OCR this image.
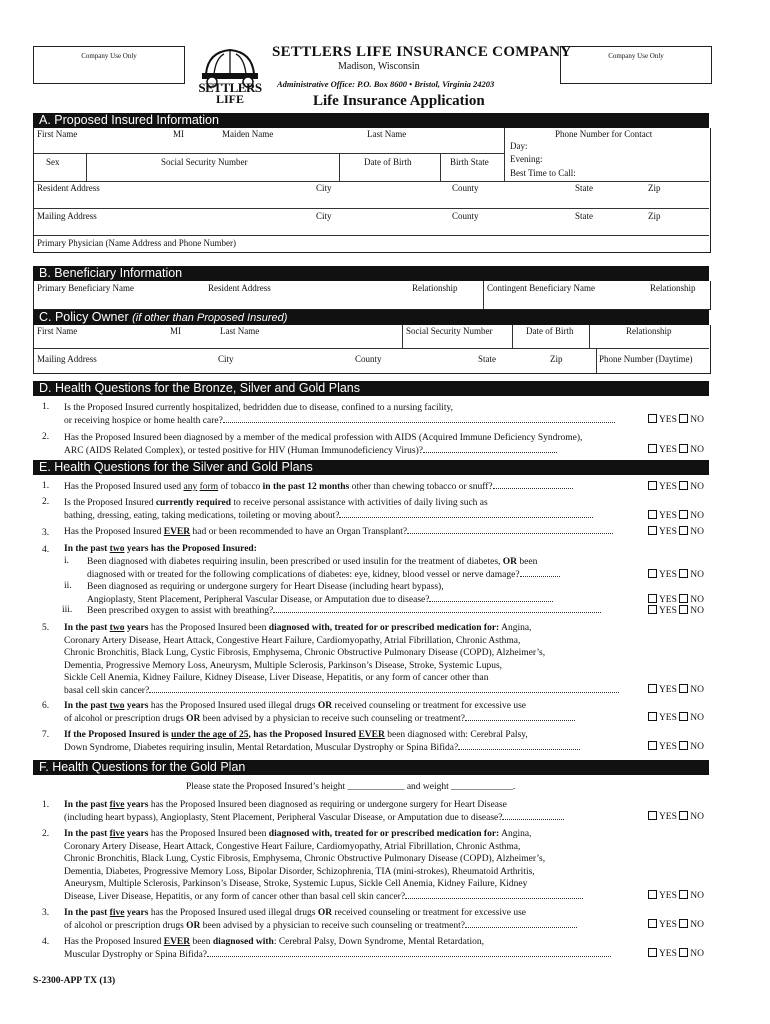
Company Use Only	Company Use Only
SETTLERS
LIFE
SETTLERS LIFE INSURANCE COMPANY
Madison, Wisconsin
Administrative Office: P.O. Box 8600 • Bristol, Virginia 24203
Life Insurance Application
A. Proposed Insured Information
First Name	MI	Maiden Name	Last Name	Phone Number for Contact
Day:
Evening:
Best Time to Call:
Sex	Social Security Number	Date of Birth	Birth State
Resident Address	City	County	State	Zip
Mailing Address	City	County	State	Zip
Primary Physician (Name Address and Phone Number)
B. Beneficiary Information
Primary Beneficiary Name	Resident Address	Relationship	Contingent Beneficiary Name	Relationship
C. Policy Owner (if other than Proposed Insured)
First Name	MI	Last Name	Social Security Number	Date of Birth	Relationship
Mailing Address	City	County	State	Zip	Phone Number (Daytime)
D. Health Questions for the Bronze, Silver and Gold Plans
1. Is the Proposed Insured currently hospitalized, bedridden due to disease, confined to a nursing facility,
or receiving hospice or home health care?	YES NO
2. Has the Proposed Insured been diagnosed by a member of the medical profession with AIDS (Acquired Immune Deficiency Syndrome),
ARC (AIDS Related Complex), or tested positive for HIV (Human Immunodeficiency Virus)?	YES NO
E. Health Questions for the Silver and Gold Plans
1. Has the Proposed Insured used any form of tobacco in the past 12 months other than chewing tobacco or snuff?	YES NO
2. Is the Proposed Insured currently required to receive personal assistance with activities of daily living such as
bathing, dressing, eating, taking medications, toileting or moving about?	YES NO
3. Has the Proposed Insured EVER had or been recommended to have an Organ Transplant?	YES NO
4. In the past two years has the Proposed Insured:
i. Been diagnosed with diabetes requiring insulin, been prescribed or used insulin for the treatment of diabetes, OR been
diagnosed with or treated for the following complications of diabetes: eye, kidney, blood vessel or nerve damage?	YES NO
ii. Been diagnosed as requiring or undergone surgery for Heart Disease (including heart bypass),
Angioplasty, Stent Placement, Peripheral Vascular Disease, or Amputation due to disease?	YES NO
iii. Been prescribed oxygen to assist with breathing?	YES NO
5. In the past two years has the Proposed Insured been diagnosed with, treated for or prescribed medication for: Angina,
Coronary Artery Disease, Heart Attack, Congestive Heart Failure, Cardiomyopathy, Atrial Fibrillation, Chronic Asthma,
Chronic Bronchitis, Black Lung, Cystic Fibrosis, Emphysema, Chronic Obstructive Pulmonary Disease (COPD), Alzheimer’s,
Dementia, Progressive Memory Loss, Aneurysm, Multiple Sclerosis, Parkinson’s Disease, Stroke, Systemic Lupus,
Sickle Cell Anemia, Kidney Failure, Kidney Disease, Liver Disease, Hepatitis, or any form of cancer other than
basal cell skin cancer?	YES NO
6. In the past two years has the Proposed Insured used illegal drugs OR received counseling or treatment for excessive use
of alcohol or prescription drugs OR been advised by a physician to receive such counseling or treatment?	YES NO
7. If the Proposed Insured is under the age of 25, has the Proposed Insured EVER been diagnosed with: Cerebral Palsy,
Down Syndrome, Diabetes requiring insulin, Mental Retardation, Muscular Dystrophy or Spina Bifida?	YES NO
F. Health Questions for the Gold Plan
Please state the Proposed Insured’s height ____________ and weight _____________.
1. In the past five years has the Proposed Insured been diagnosed as requiring or undergone surgery for Heart Disease
(including heart bypass), Angioplasty, Stent Placement, Peripheral Vascular Disease, or Amputation due to disease?	YES NO
2. In the past five years has the Proposed Insured been diagnosed with, treated for or prescribed medication for: Angina,
Coronary Artery Disease, Heart Attack, Congestive Heart Failure, Cardiomyopathy, Atrial Fibrillation, Chronic Asthma,
Chronic Bronchitis, Black Lung, Cystic Fibrosis, Emphysema, Chronic Obstructive Pulmonary Disease (COPD), Alzheimer’s,
Dementia, Diabetes, Progressive Memory Loss, Bipolar Disorder, Schizophrenia, TIA (mini-strokes), Rheumatoid Arthritis,
Aneurysm, Multiple Sclerosis, Parkinson’s Disease, Stroke, Systemic Lupus, Sickle Cell Anemia, Kidney Failure, Kidney
Disease, Liver Disease, Hepatitis, or any form of cancer other than basal cell skin cancer?	YES NO
3. In the past five years has the Proposed Insured used illegal drugs OR received counseling or treatment for excessive use
of alcohol or prescription drugs OR been advised by a physician to receive such counseling or treatment?	YES NO
4. Has the Proposed Insured EVER been diagnosed with: Cerebral Palsy, Down Syndrome, Mental Retardation,
Muscular Dystrophy or Spina Bifida?	YES NO
S-2300-APP TX (13)
